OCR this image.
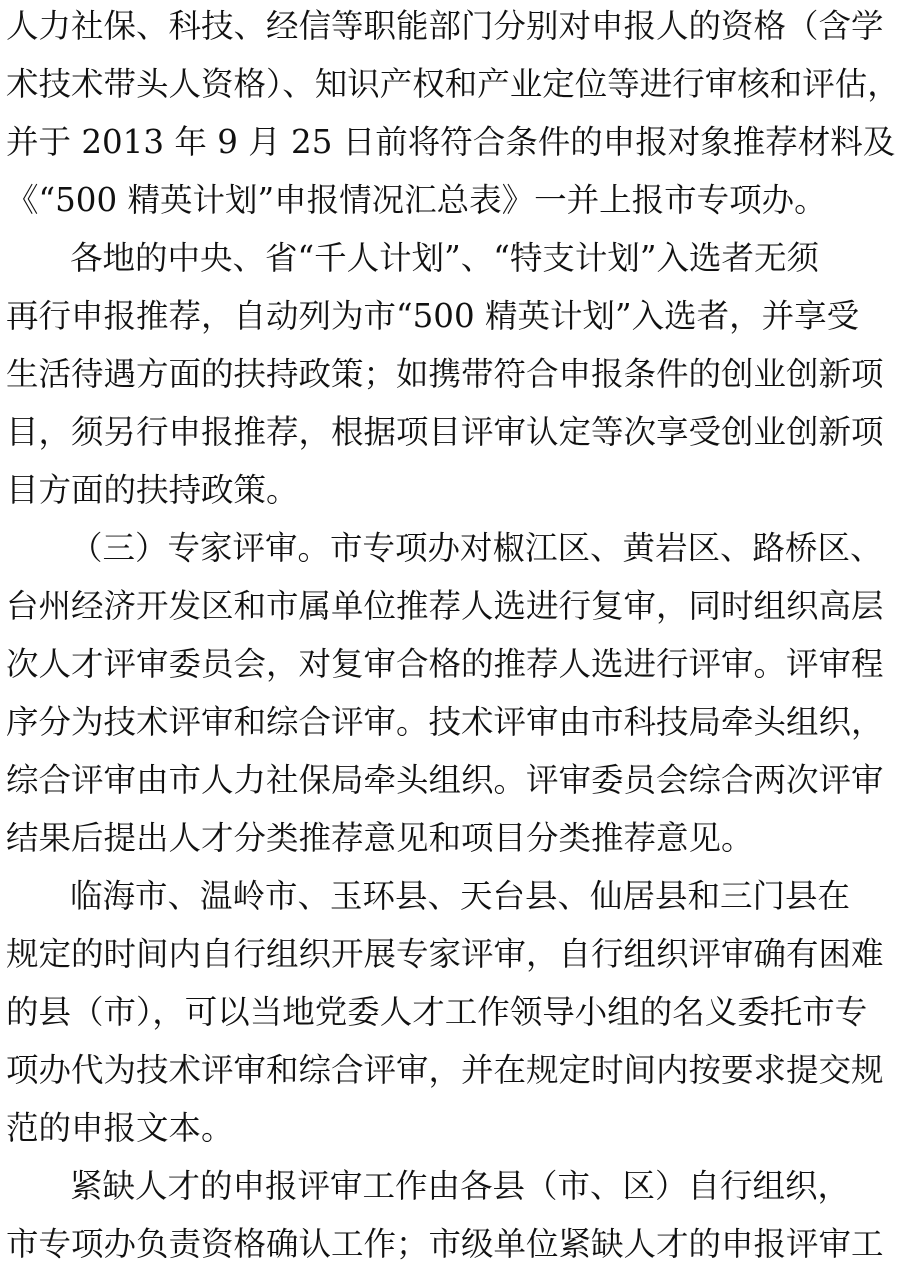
人力社保、科技、经信等职能部门分别对申报人的资格（含学
术技术带头人资格）、知识产权和产业定位等进行审核和评估，
并于 2013 年 9 月 25 日前将符合条件的申报对象推荐材料及
《“500 精英计划”申报情况汇总表》一并上报市专项办。
各地的中央、省“千人计划”、“特支计划”入选者无须
再行申报推荐，自动列为市“500 精英计划”入选者，并享受
生活待遇方面的扶持政策；如携带符合申报条件的创业创新项
目，须另行申报推荐，根据项目评审认定等次享受创业创新项
目方面的扶持政策。
（三）专家评审。市专项办对椒江区、黄岩区、路桥区、
台州经济开发区和市属单位推荐人选进行复审，同时组织高层
次人才评审委员会，对复审合格的推荐人选进行评审。评审程
序分为技术评审和综合评审。技术评审由市科技局牵头组织，
综合评审由市人力社保局牵头组织。评审委员会综合两次评审
结果后提出人才分类推荐意见和项目分类推荐意见。
临海市、温岭市、玉环县、天台县、仙居县和三门县在
规定的时间内自行组织开展专家评审，自行组织评审确有困难
的县（市），可以当地党委人才工作领导小组的名义委托市专
项办代为技术评审和综合评审，并在规定时间内按要求提交规
范的申报文本。
紧缺人才的申报评审工作由各县（市、区）自行组织，
市专项办负责资格确认工作；市级单位紧缺人才的申报评审工
